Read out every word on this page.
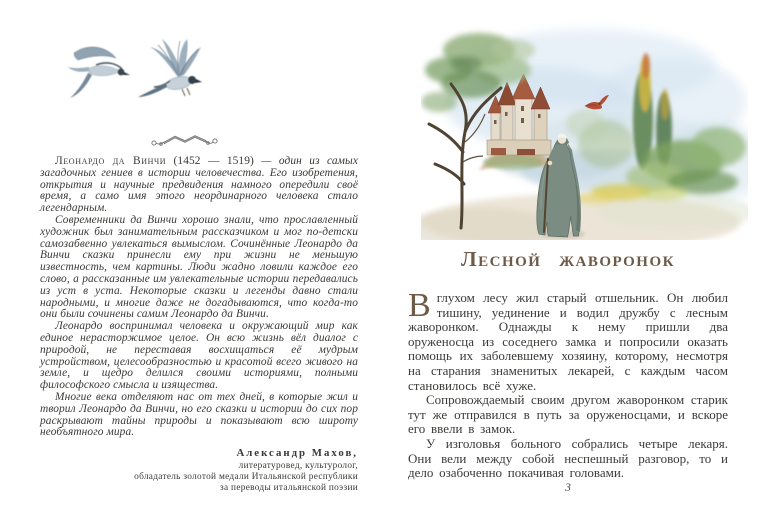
Леонардо да Винчи (1452 — 1519) — один из самых загадочных гениев в истории человечества. Его изобретения, открытия и научные предвидения намного опередили своё время, а само имя этого неординарного человека стало легендарным.

Современники да Винчи хорошо знали, что прославленный художник был занимательным рассказчиком и мог по-детски самозабвенно увлекаться вымыслом. Сочинённые Леонардо да Винчи сказки принесли ему при жизни не меньшую известность, чем картины. Люди жадно ловили каждое его слово, а рассказанные им увлекательные истории передавались из уст в уста. Некоторые сказки и легенды давно стали народными, и многие даже не догадываются, что когда-то они были сочинены самим Леонардо да Винчи.

Леонардо воспринимал человека и окружающий мир как единое нерасторжимое целое. Он всю жизнь вёл диалог с природой, не переставая восхищаться её мудрым устройством, целесообразностью и красотой всего живого на земле, и щедро делился своими историями, полными философского смысла и изящества.

Многие века отделяют нас от тех дней, в которые жил и творил Леонардо да Винчи, но его сказки и истории до сих пор раскрывают тайны природы и показывают всю широту необъятного мира.

Александр Махов,

литературовед, культуролог,

обладатель золотой медали Итальянской республики

за переводы итальянской поэзии

Лесной жаворонок

Вглухом лесу жил старый отшельник. Он любил тишину, уединение и водил дружбу с лесным жаворонком. Однажды к нему пришли два оруженосца из соседнего замка и попросили оказать помощь их заболевшему хозяину, которому, несмотря на старания знаменитых лекарей, с каждым часом становилось всё хуже.

Сопровождаемый своим другом жаворонком старик тут же отправился в путь за оруженосцами, и вскоре его ввели в замок.

У изголовья больного собрались четыре лекаря. Они вели между собой неспешный разговор, то и дело озабоченно покачивая головами.

3
